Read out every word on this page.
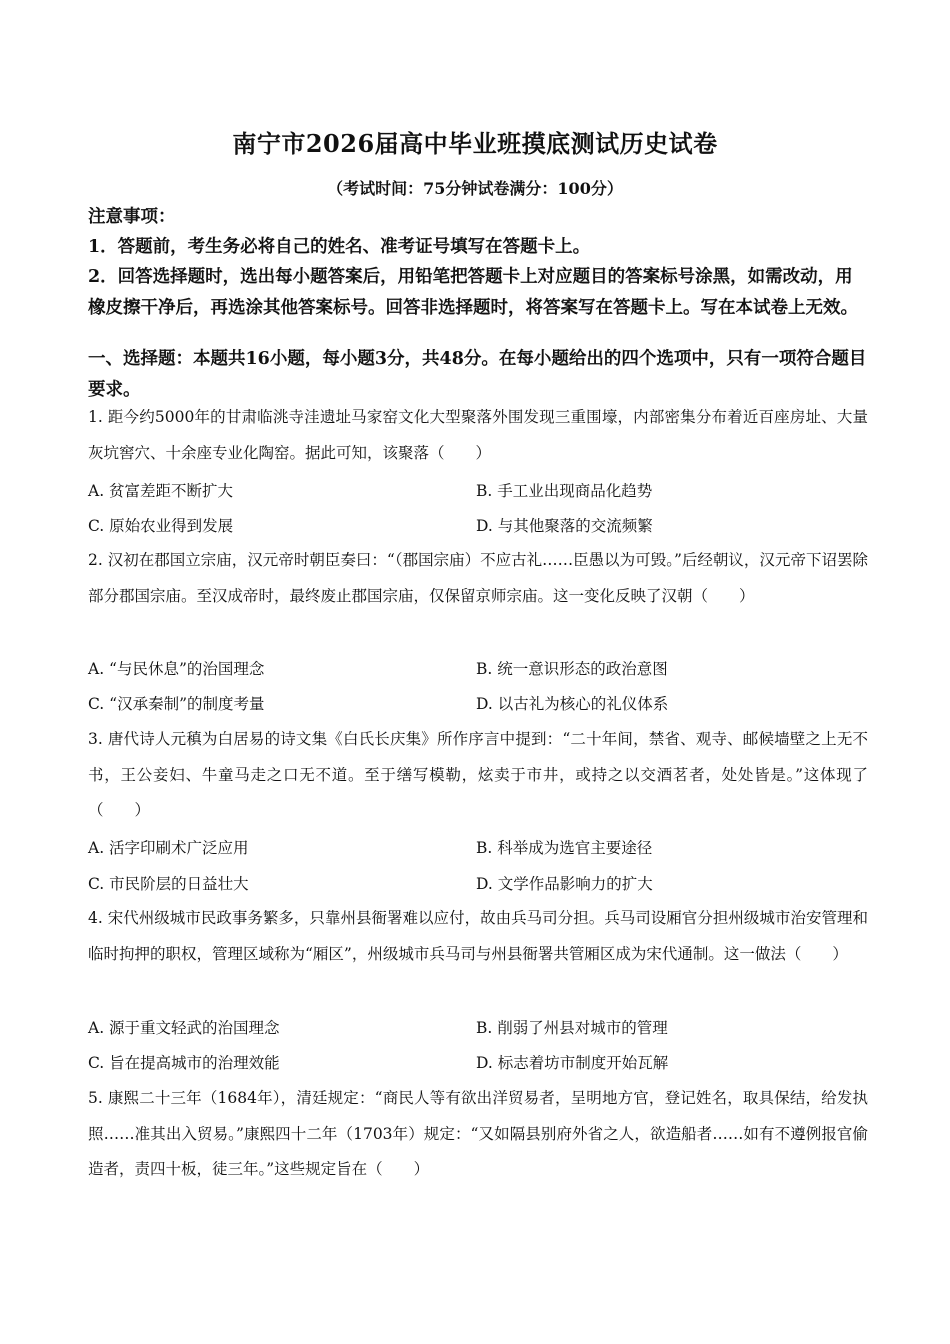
南宁市2026届高中毕业班摸底测试历史试卷
（考试时间：75分钟试卷满分：100分）
注意事项：
1．答题前，考生务必将自己的姓名、准考证号填写在答题卡上。
2．回答选择题时，选出每小题答案后，用铅笔把答题卡上对应题目的答案标号涂黑，如需改动，用橡皮擦干净后，再选涂其他答案标号。回答非选择题时，将答案写在答题卡上。写在本试卷上无效。
一、选择题：本题共16小题，每小题3分，共48分。在每小题给出的四个选项中，只有一项符合题目要求。
1. 距今约5000年的甘肃临洮寺洼遗址马家窑文化大型聚落外围发现三重围壕，内部密集分布着近百座房址、大量灰坑窖穴、十余座专业化陶窑。据此可知，该聚落（　　）
A. 贫富差距不断扩大	B. 手工业出现商品化趋势
C. 原始农业得到发展	D. 与其他聚落的交流频繁
2. 汉初在郡国立宗庙，汉元帝时朝臣奏曰：“（郡国宗庙）不应古礼……臣愚以为可毁。”后经朝议，汉元帝下诏罢除部分郡国宗庙。至汉成帝时，最终废止郡国宗庙，仅保留京师宗庙。这一变化反映了汉朝（　　）
A. “与民休息”的治国理念	B. 统一意识形态的政治意图
C. “汉承秦制”的制度考量	D. 以古礼为核心的礼仪体系
3. 唐代诗人元稹为白居易的诗文集《白氏长庆集》所作序言中提到：“二十年间，禁省、观寺、邮候墙壁之上无不书，王公妾妇、牛童马走之口无不道。至于缮写模勒，炫卖于市井，或持之以交酒茗者，处处皆是。”这体现了（　　）
A. 活字印刷术广泛应用	B. 科举成为选官主要途径
C. 市民阶层的日益壮大	D. 文学作品影响力的扩大
4. 宋代州级城市民政事务繁多，只靠州县衙署难以应付，故由兵马司分担。兵马司设厢官分担州级城市治安管理和临时拘押的职权，管理区域称为“厢区”，州级城市兵马司与州县衙署共管厢区成为宋代通制。这一做法（　　）
A. 源于重文轻武的治国理念	B. 削弱了州县对城市的管理
C. 旨在提高城市的治理效能	D. 标志着坊市制度开始瓦解
5. 康熙二十三年（1684年），清廷规定：“商民人等有欲出洋贸易者，呈明地方官，登记姓名，取具保结，给发执照……准其出入贸易。”康熙四十二年（1703年）规定：“又如隔县别府外省之人，欲造船者……如有不遵例报官偷造者，责四十板，徒三年。”这些规定旨在（　　）
